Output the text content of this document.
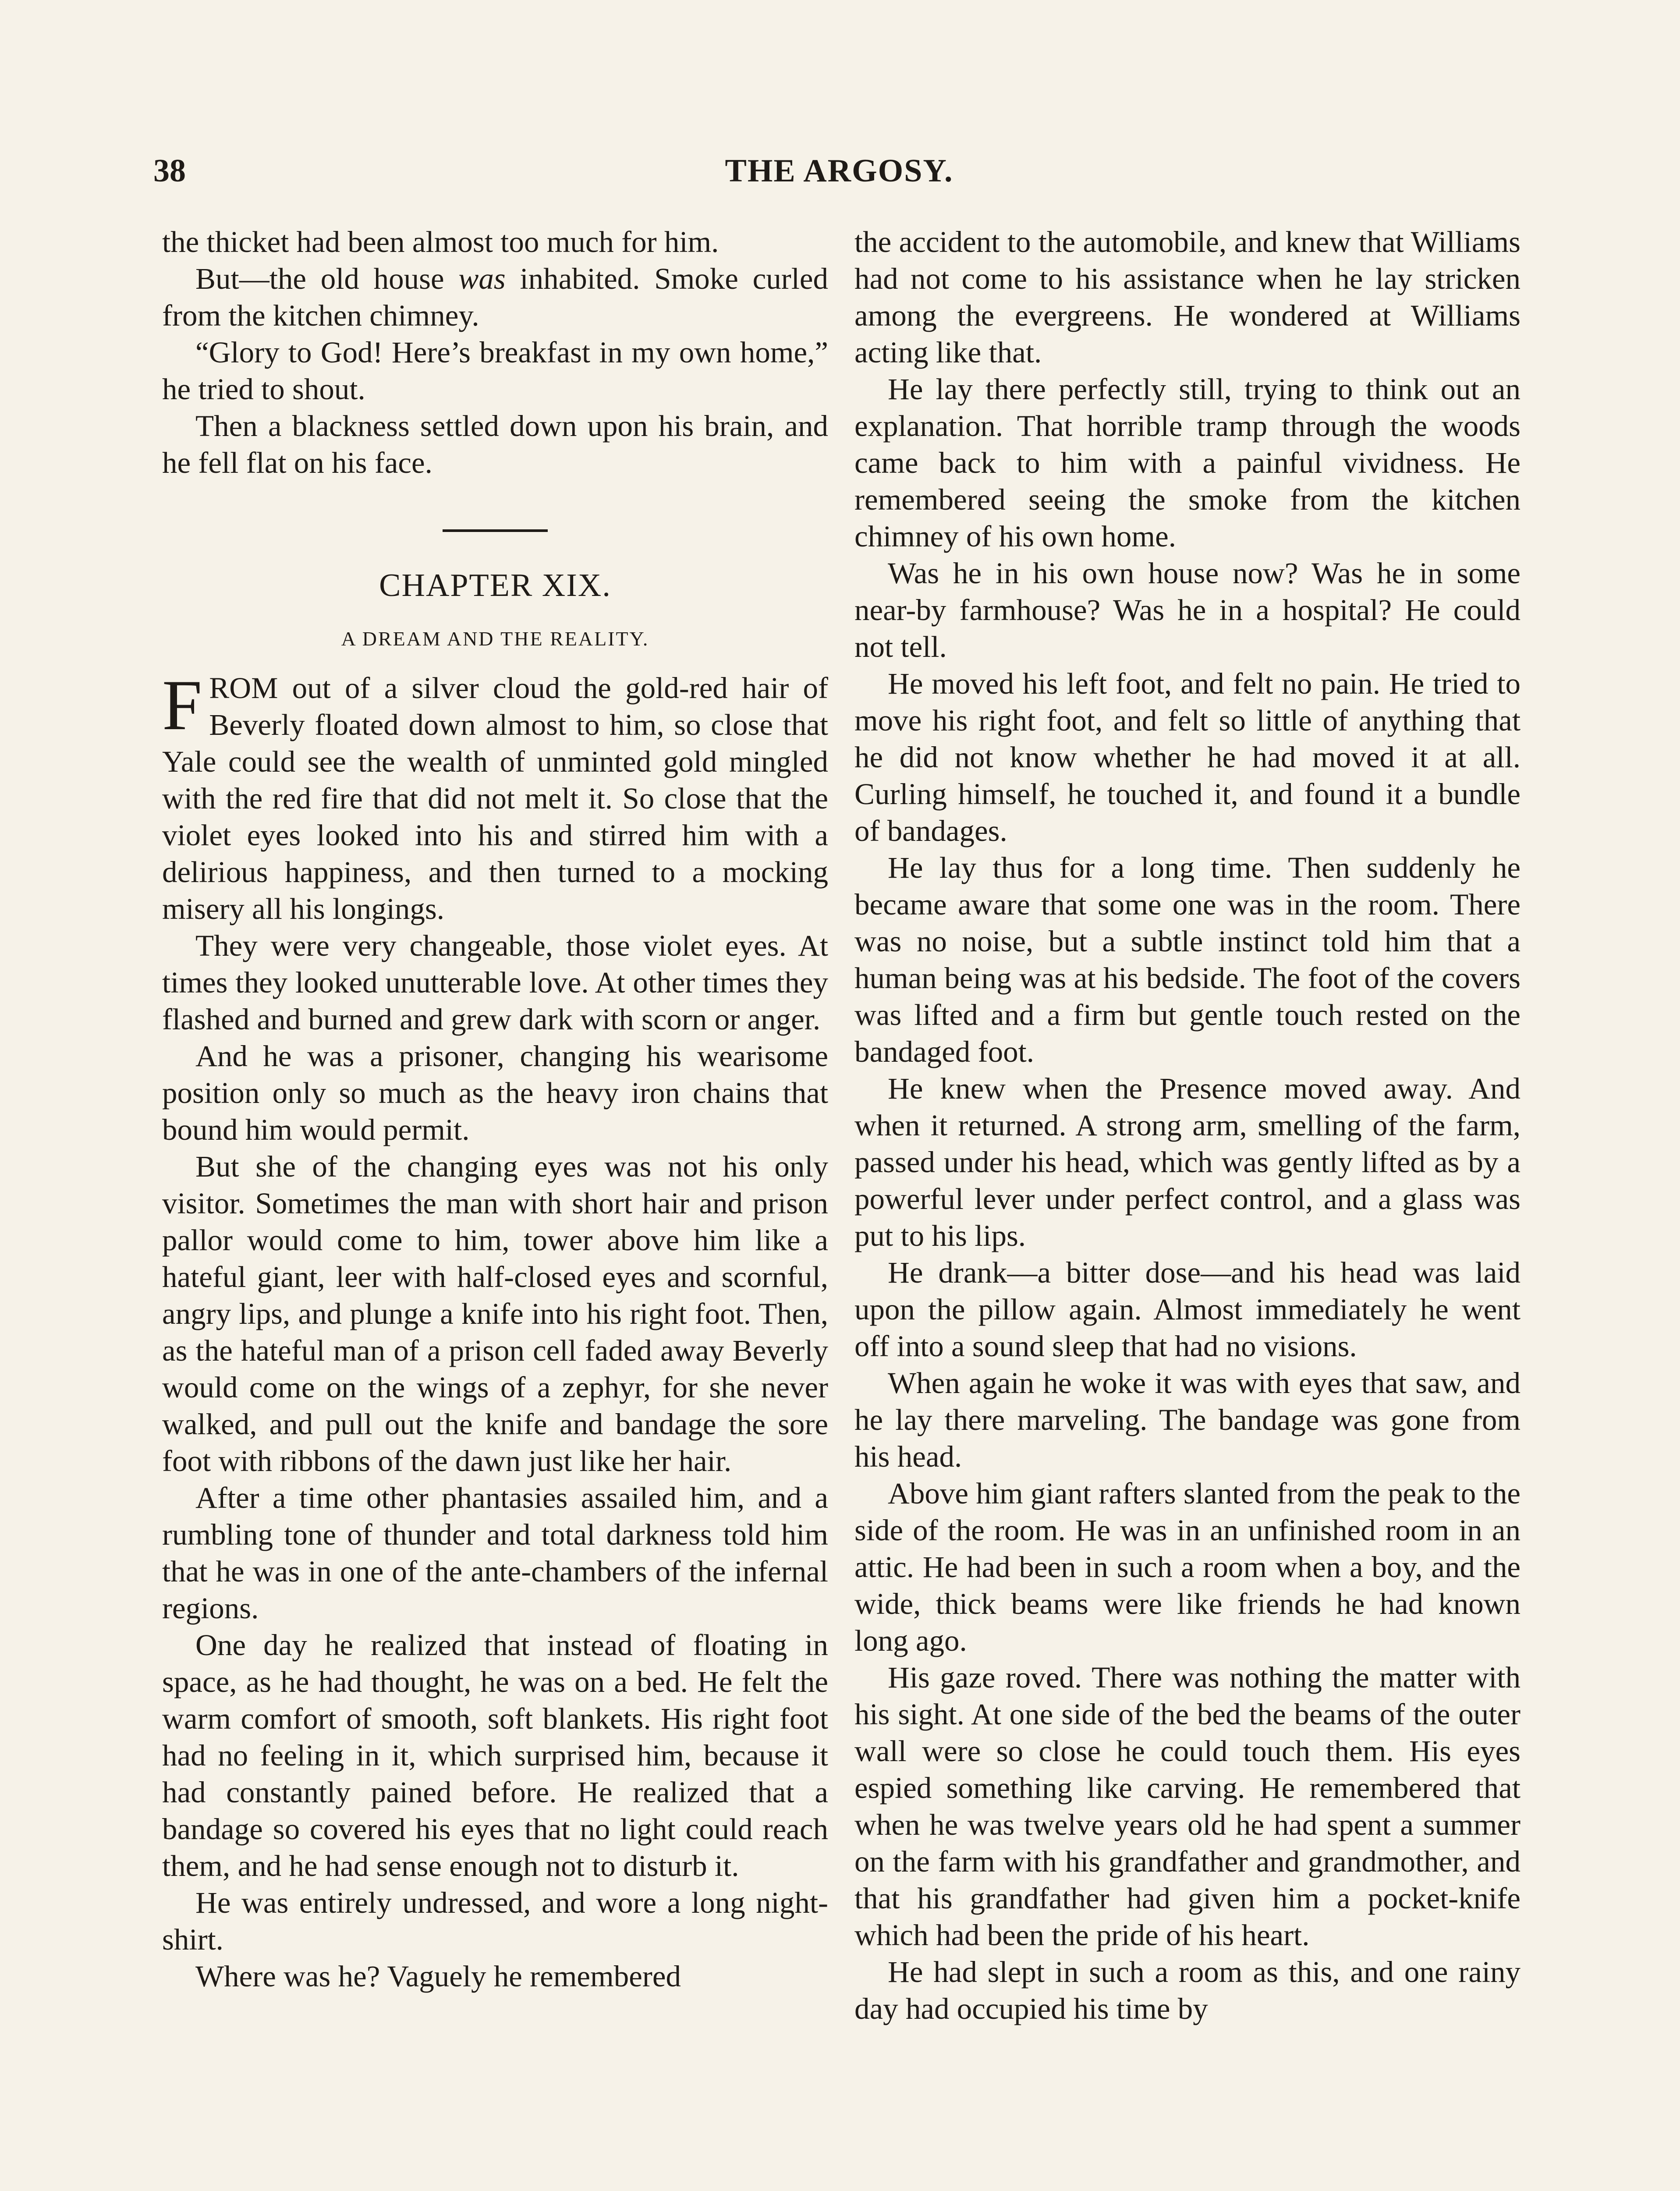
38	THE ARGOSY.

the thicket had been almost too much for him.

But—the old house was inhabited. Smoke curled from the kitchen chimney.

“Glory to God! Here’s breakfast in my own home,” he tried to shout.

Then a blackness settled down upon his brain, and he fell flat on his face.

CHAPTER XIX.
A DREAM AND THE REALITY.

FROM out of a silver cloud the gold-red hair of Beverly floated down almost to him, so close that Yale could see the wealth of unminted gold mingled with the red fire that did not melt it. So close that the violet eyes looked into his and stirred him with a delirious happiness, and then turned to a mocking misery all his longings.

They were very changeable, those violet eyes. At times they looked unutterable love. At other times they flashed and burned and grew dark with scorn or anger.

And he was a prisoner, changing his wearisome position only so much as the heavy iron chains that bound him would permit.

But she of the changing eyes was not his only visitor. Sometimes the man with short hair and prison pallor would come to him, tower above him like a hateful giant, leer with half-closed eyes and scornful, angry lips, and plunge a knife into his right foot. Then, as the hateful man of a prison cell faded away Beverly would come on the wings of a zephyr, for she never walked, and pull out the knife and bandage the sore foot with ribbons of the dawn just like her hair.

After a time other phantasies assailed him, and a rumbling tone of thunder and total darkness told him that he was in one of the ante-chambers of the infernal regions.

One day he realized that instead of floating in space, as he had thought, he was on a bed. He felt the warm comfort of smooth, soft blankets. His right foot had no feeling in it, which surprised him, because it had constantly pained before. He realized that a bandage so covered his eyes that no light could reach them, and he had sense enough not to disturb it.

He was entirely undressed, and wore a long night-shirt.

Where was he? Vaguely he remembered

the accident to the automobile, and knew that Williams had not come to his assistance when he lay stricken among the evergreens. He wondered at Williams acting like that.

He lay there perfectly still, trying to think out an explanation. That horrible tramp through the woods came back to him with a painful vividness. He remembered seeing the smoke from the kitchen chimney of his own home.

Was he in his own house now? Was he in some near-by farmhouse? Was he in a hospital? He could not tell.

He moved his left foot, and felt no pain. He tried to move his right foot, and felt so little of anything that he did not know whether he had moved it at all. Curling himself, he touched it, and found it a bundle of bandages.

He lay thus for a long time. Then suddenly he became aware that some one was in the room. There was no noise, but a subtle instinct told him that a human being was at his bedside. The foot of the covers was lifted and a firm but gentle touch rested on the bandaged foot.

He knew when the Presence moved away. And when it returned. A strong arm, smelling of the farm, passed under his head, which was gently lifted as by a powerful lever under perfect control, and a glass was put to his lips.

He drank—a bitter dose—and his head was laid upon the pillow again. Almost immediately he went off into a sound sleep that had no visions.

When again he woke it was with eyes that saw, and he lay there marveling. The bandage was gone from his head.

Above him giant rafters slanted from the peak to the side of the room. He was in an unfinished room in an attic. He had been in such a room when a boy, and the wide, thick beams were like friends he had known long ago.

His gaze roved. There was nothing the matter with his sight. At one side of the bed the beams of the outer wall were so close he could touch them. His eyes espied something like carving. He remembered that when he was twelve years old he had spent a summer on the farm with his grandfather and grandmother, and that his grandfather had given him a pocket-knife which had been the pride of his heart.

He had slept in such a room as this, and one rainy day had occupied his time by
